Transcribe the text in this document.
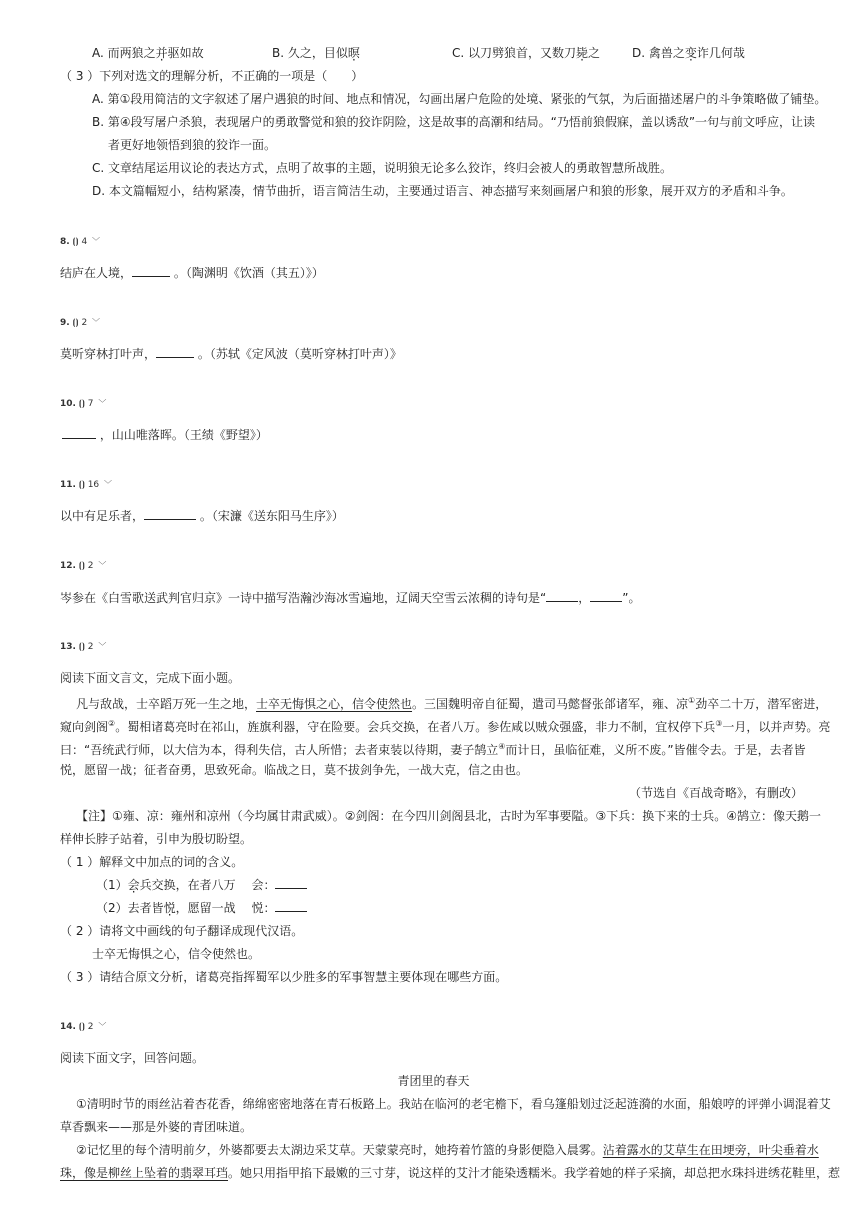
A. 而两狼之并驱如故	B. 久之，目似暝	C. 以刀劈狼首，又数刀毙之	D. 禽兽之变诈几何哉
（ 3 ）下列对选文的理解分析，不正确的一项是（　　）
A. 第①段用简洁的文字叙述了屠户遇狼的时间、地点和情况，勾画出屠户危险的处境、紧张的气氛，为后面描述屠户的斗争策略做了铺垫。
B. 第④段写屠户杀狼，表现屠户的勇敢警觉和狼的狡诈阴险，这是故事的高潮和结局。“乃悟前狼假寐，盖以诱敌”一句与前文呼应，让读
者更好地领悟到狼的狡诈一面。
C. 文章结尾运用议论的表达方式，点明了故事的主题，说明狼无论多么狡诈，终归会被人的勇敢智慧所战胜。
D. 本文篇幅短小，结构紧凑，情节曲折，语言简洁生动，主要通过语言、神态描写来刻画屠户和狼的形象，展开双方的矛盾和斗争。
8. ⦗⦘ 4 ﹀
结庐在人境，	。（陶渊明《饮酒（其五）》）
9. ⦗⦘ 2 ﹀
莫听穿林打叶声，	。（苏轼《定风波（莫听穿林打叶声）》
10. ⦗⦘ 7 ﹀
，山山唯落晖。（王绩《野望》）
11. ⦗⦘ 16 ﹀
以中有足乐者，	。（宋濂《送东阳马生序》）
12. ⦗⦘ 2 ﹀
岑参在《白雪歌送武判官归京》一诗中描写浩瀚沙海冰雪遍地，辽阔天空雪云浓稠的诗句是“	，	”。
13. ⦗⦘ 2 ﹀
阅读下面文言文，完成下面小题。
凡与敌战，士卒蹈万死一生之地，士卒无悔惧之心，信令使然也。三国魏明帝自征蜀，遣司马懿督张郃诸军，雍、凉①劲卒二十万，潜军密进，
窥向剑阁②。蜀相诸葛亮时在祁山，旌旗利器，守在险要。会兵交换，在者八万。参佐咸以贼众强盛，非力不制，宜权停下兵③一月，以并声势。亮
曰：“吾统武行师，以大信为本，得利失信，古人所惜；去者束装以待期，妻子鹄立④而计日，虽临征难，义所不废。”皆催令去。于是，去者皆
悦，愿留一战；征者奋勇，思致死命。临战之日，莫不拔剑争先，一战大克，信之由也。
（节选自《百战奇略》，有删改）
【注】①雍、凉：雍州和凉州（今均属甘肃武威）。②剑阁：在今四川剑阁县北，古时为军事要隘。③下兵：换下来的士兵。④鹄立：像天鹅一
样伸长脖子站着，引申为殷切盼望。
（ 1 ）解释文中加点的词的含义。
（1）会兵交换，在者八万　 会：
（2）去者皆悦，愿留一战　 悦：
（ 2 ）请将文中画线的句子翻译成现代汉语。
士卒无悔惧之心，信令使然也。
（ 3 ）请结合原文分析，诸葛亮指挥蜀军以少胜多的军事智慧主要体现在哪些方面。
14. ⦗⦘ 2 ﹀
阅读下面文字，回答问题。
青团里的春天
①清明时节的雨丝沾着杏花香，绵绵密密地落在青石板路上。我站在临河的老宅檐下，看乌篷船划过泛起涟漪的水面，船娘哼的评弹小调混着艾
草香飘来——那是外婆的青团味道。
②记忆里的每个清明前夕，外婆都要去太湖边采艾草。天蒙蒙亮时，她挎着竹篮的身影便隐入晨雾。沾着露水的艾草生在田埂旁，叶尖垂着水
珠，像是柳丝上坠着的翡翠耳珰。她只用指甲掐下最嫩的三寸芽，说这样的艾汁才能染透糯米。我学着她的样子采摘，却总把水珠抖进绣花鞋里，惹
